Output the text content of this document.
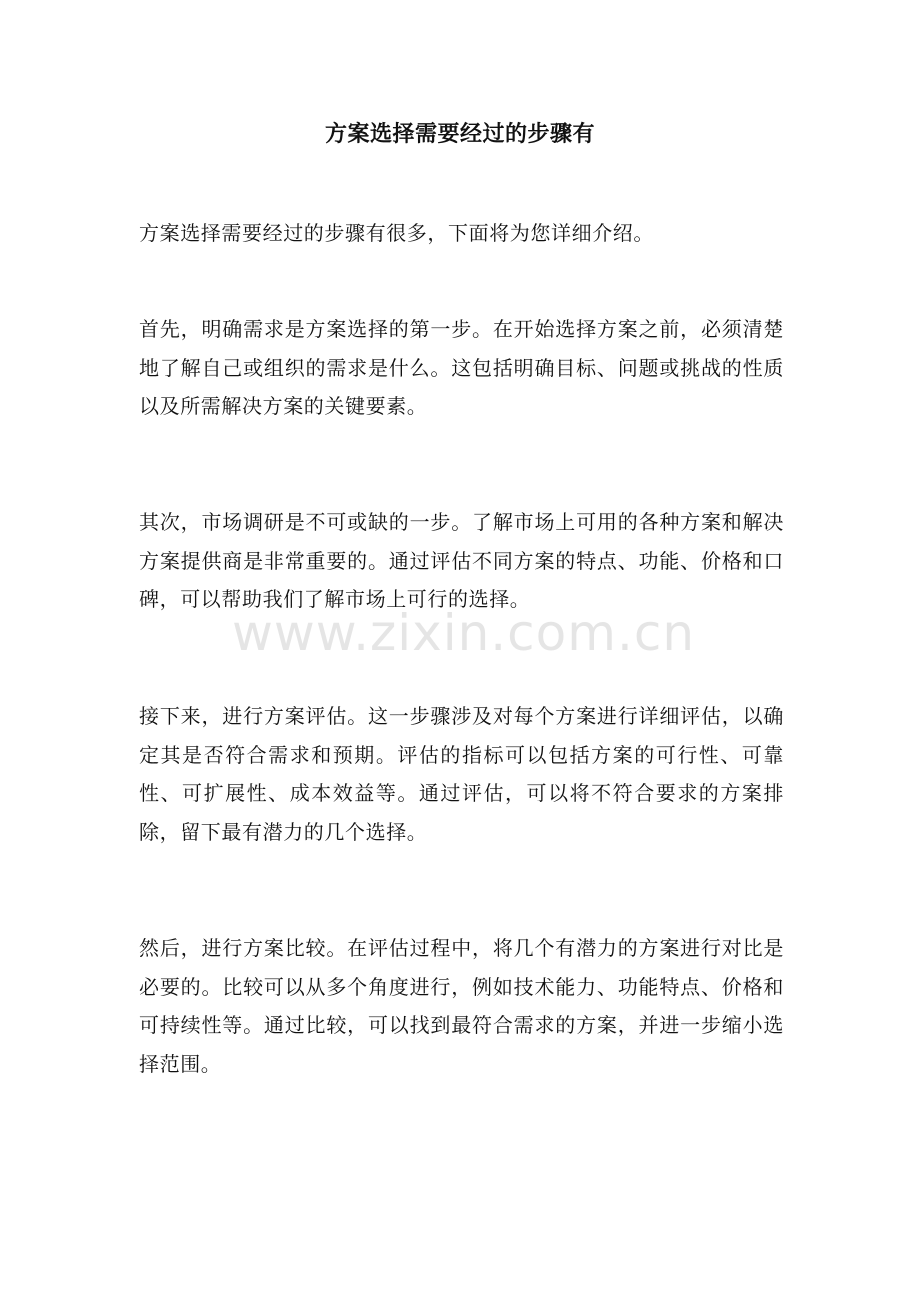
方案选择需要经过的步骤有

方案选择需要经过的步骤有很多，下面将为您详细介绍。

首先，明确需求是方案选择的第一步。在开始选择方案之前，必须清楚地了解自己或组织的需求是什么。这包括明确目标、问题或挑战的性质以及所需解决方案的关键要素。

其次，市场调研是不可或缺的一步。了解市场上可用的各种方案和解决方案提供商是非常重要的。通过评估不同方案的特点、功能、价格和口碑，可以帮助我们了解市场上可行的选择。

接下来，进行方案评估。这一步骤涉及对每个方案进行详细评估，以确定其是否符合需求和预期。评估的指标可以包括方案的可行性、可靠性、可扩展性、成本效益等。通过评估，可以将不符合要求的方案排除，留下最有潜力的几个选择。

然后，进行方案比较。在评估过程中，将几个有潜力的方案进行对比是必要的。比较可以从多个角度进行，例如技术能力、功能特点、价格和可持续性等。通过比较，可以找到最符合需求的方案，并进一步缩小选择范围。

www.zixin.com.cn
